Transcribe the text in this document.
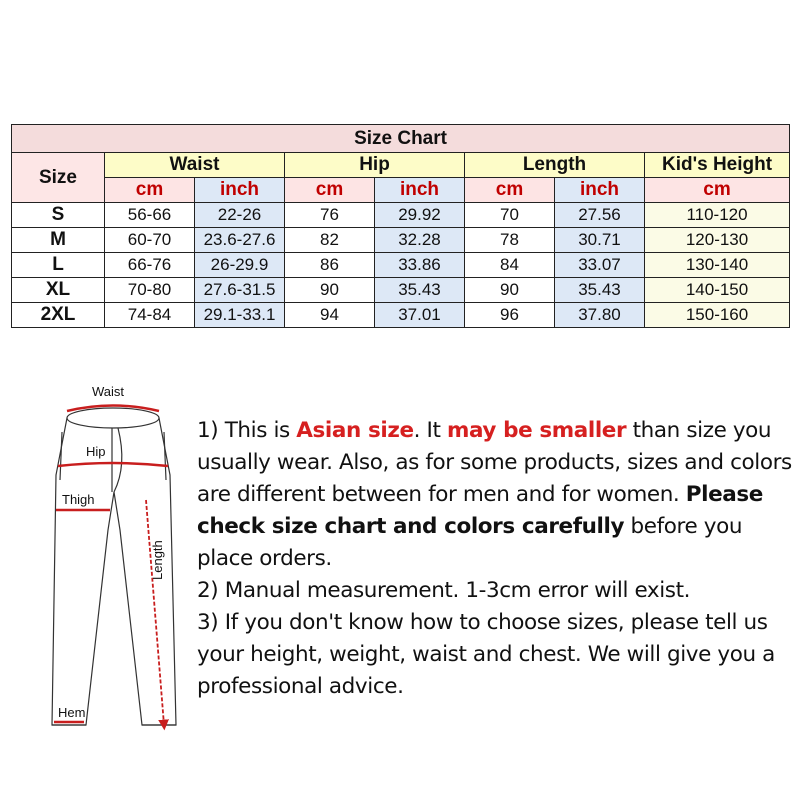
Size Chart							
Size	Waist		Hip		Length		Kid's Height
	cm	inch	cm	inch	cm	inch	cm
S	56-66	22-26	76	29.92	70	27.56	110-120
M	60-70	23.6-27.6	82	32.28	78	30.71	120-130
L	66-76	26-29.9	86	33.86	84	33.07	130-140
XL	70-80	27.6-31.5	90	35.43	90	35.43	140-150
2XL	74-84	29.1-33.1	94	37.01	96	37.80	150-160
Waist
Hip
Thigh
Hem
Length

1) This is Asian size. It may be smaller than size you usually wear. Also, as for some products, sizes and colors are different between for men and for women. Please check size chart and colors carefully before you place orders.

2) Manual measurement. 1-3cm error will exist.

3) If you don't know how to choose sizes, please tell us your height, weight, waist and chest. We will give you a professional advice.
